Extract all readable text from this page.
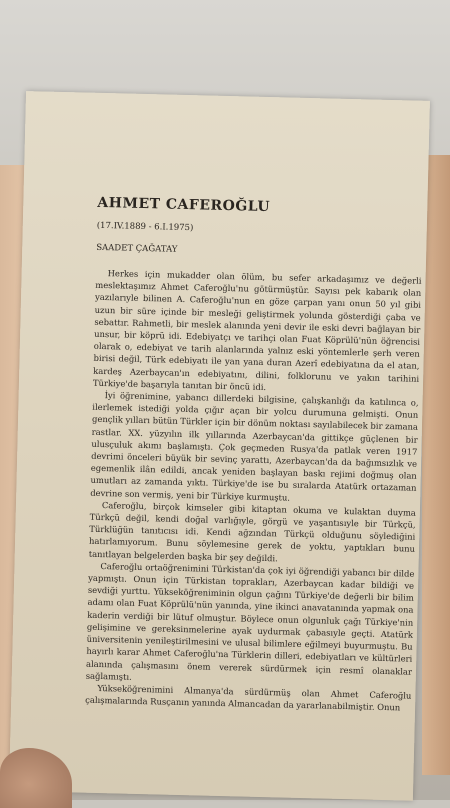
AHMET CAFEROĞLU
(17.IV.1889 - 6.I.1975)
SAADET ÇAĞATAY

Herkes için mukadder olan ölüm, bu sefer arkadaşımız ve değerli meslektaşımız Ahmet Caferoğlu'nu götürmüştür. Sayısı pek kabarık olan yazılarıyle bilinen A. Caferoğlu'nun en göze çarpan yanı onun 50 yıl gibi uzun bir süre içinde bir mesleği geliştirmek yolunda gösterdiği çaba ve sebattır. Rahmetli, bir meslek alanında yeni devir ile eski devri bağlayan bir unsur, bir köprü idi. Edebiyatçı ve tarihçi olan Fuat Köprülü'nün öğrencisi olarak o, edebiyat ve tarih alanlarında yalnız eski yöntemlerle şerh veren birisi değil, Türk edebiyatı ile yan yana duran Azerî edebiyatına da el atan, kardeş Azerbaycan'ın edebiyatını, dilini, folklorunu ve yakın tarihini Türkiye'de başarıyla tanıtan bir öncü idi.

İyi öğrenimine, yabancı dillerdeki bilgisine, çalışkanlığı da katılınca o, ilerlemek istediği yolda çığır açan bir yolcu durumuna gelmişti. Onun gençlik yılları bütün Türkler için bir dönüm noktası sayılabilecek bir zamana rastlar. XX. yüzyılın ilk yıllarında Azerbaycan'da gittikçe güçlenen bir ulusçuluk akımı başlamıştı. Çok geçmeden Rusya'da patlak veren 1917 devrimi önceleri büyük bir sevinç yarattı, Azerbaycan'da da bağımsızlık ve egemenlik ilân edildi, ancak yeniden başlayan baskı rejimi doğmuş olan umutları az zamanda yıktı. Türkiye'de ise bu sıralarda Atatürk ortazaman devrine son vermiş, yeni bir Türkiye kurmuştu.

Caferoğlu, birçok kimseler gibi kitaptan okuma ve kulaktan duyma Türkçü değil, kendi doğal varlığıyle, görgü ve yaşantısıyle bir Türkçü, Türklüğün tanıtıcısı idi. Kendi ağzından Türkçü olduğunu söylediğini hatırlamıyorum. Bunu söylemesine gerek de yoktu, yaptıkları bunu tanıtlayan belgelerden başka bir şey değildi.

Caferoğlu ortaöğrenimini Türkistan'da çok iyi öğrendiği yabancı bir dilde yapmıştı. Onun için Türkistan toprakları, Azerbaycan kadar bildiği ve sevdiği yurttu. Yükseköğreniminin olgun çağını Türkiye'de değerli bir bilim adamı olan Fuat Köprülü'nün yanında, yine ikinci anavatanında yapmak ona kaderin verdiği bir lütuf olmuştur. Böylece onun olgunluk çağı Türkiye'nin gelişimine ve gereksinmelerine ayak uydurmak çabasıyle geçti. Atatürk üniversitenin yenileştirilmesini ve ulusal bilimlere eğilmeyi buyurmuştu. Bu hayırlı karar Ahmet Caferoğlu'na Türklerin dilleri, edebiyatları ve kültürleri alanında çalışmasını önem vererek sürdürmek için resmî olanaklar sağlamıştı.

Yükseköğrenimini Almanya'da sürdürmüş olan Ahmet Caferoğlu çalışmalarında Rusçanın yanında Almancadan da yararlanabilmiştir. Onun
